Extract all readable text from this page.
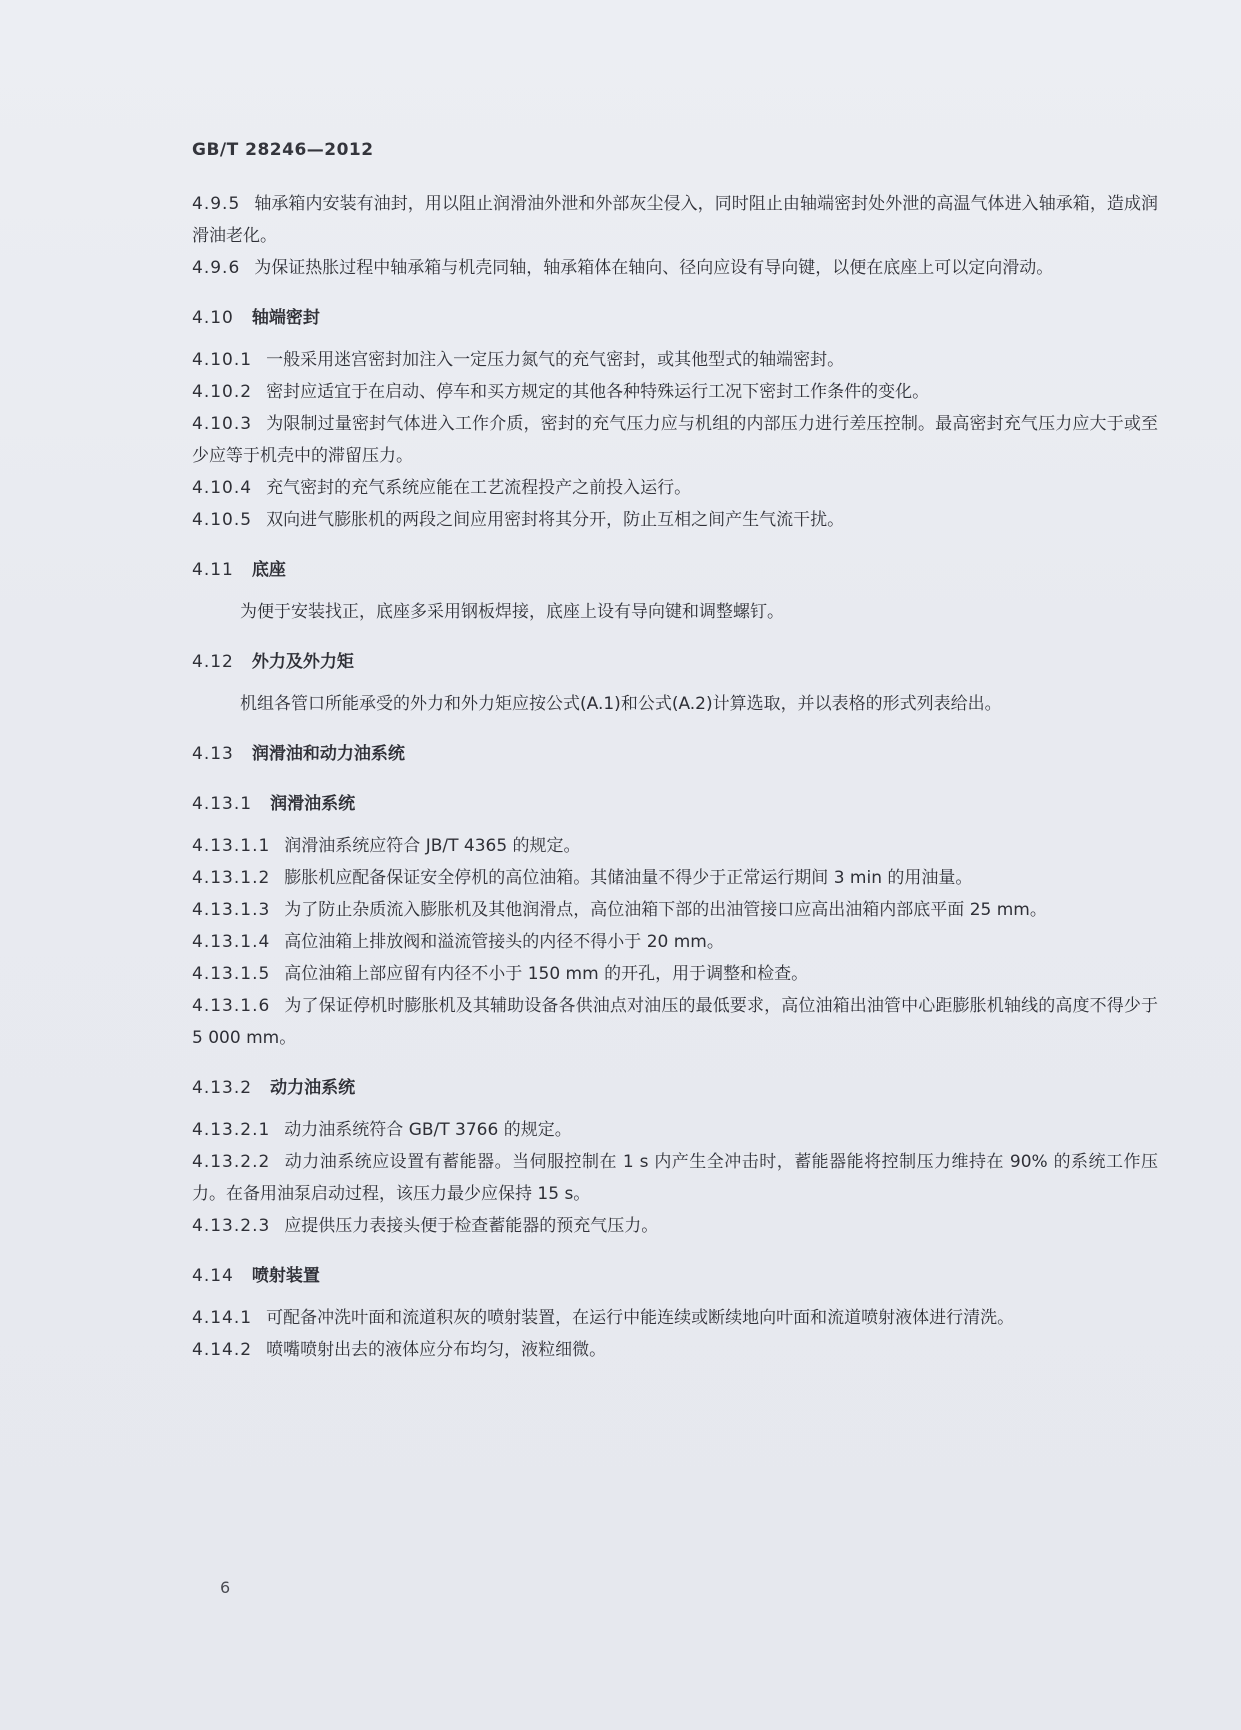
GB/T 28246—2012

4.9.5 轴承箱内安装有油封，用以阻止润滑油外泄和外部灰尘侵入，同时阻止由轴端密封处外泄的高温气体进入轴承箱，造成润滑油老化。

4.9.6 为保证热胀过程中轴承箱与机壳同轴，轴承箱体在轴向、径向应设有导向键，以便在底座上可以定向滑动。

4.10 轴端密封

4.10.1 一般采用迷宫密封加注入一定压力氮气的充气密封，或其他型式的轴端密封。

4.10.2 密封应适宜于在启动、停车和买方规定的其他各种特殊运行工况下密封工作条件的变化。

4.10.3 为限制过量密封气体进入工作介质，密封的充气压力应与机组的内部压力进行差压控制。最高密封充气压力应大于或至少应等于机壳中的滞留压力。

4.10.4 充气密封的充气系统应能在工艺流程投产之前投入运行。

4.10.5 双向进气膨胀机的两段之间应用密封将其分开，防止互相之间产生气流干扰。

4.11 底座

为便于安装找正，底座多采用钢板焊接，底座上设有导向键和调整螺钉。

4.12 外力及外力矩

机组各管口所能承受的外力和外力矩应按公式(A.1)和公式(A.2)计算选取，并以表格的形式列表给出。

4.13 润滑油和动力油系统

4.13.1 润滑油系统

4.13.1.1 润滑油系统应符合 JB/T 4365 的规定。

4.13.1.2 膨胀机应配备保证安全停机的高位油箱。其储油量不得少于正常运行期间 3 min 的用油量。

4.13.1.3 为了防止杂质流入膨胀机及其他润滑点，高位油箱下部的出油管接口应高出油箱内部底平面 25 mm。

4.13.1.4 高位油箱上排放阀和溢流管接头的内径不得小于 20 mm。

4.13.1.5 高位油箱上部应留有内径不小于 150 mm 的开孔，用于调整和检查。

4.13.1.6 为了保证停机时膨胀机及其辅助设备各供油点对油压的最低要求，高位油箱出油管中心距膨胀机轴线的高度不得少于 5 000 mm。

4.13.2 动力油系统

4.13.2.1 动力油系统符合 GB/T 3766 的规定。

4.13.2.2 动力油系统应设置有蓄能器。当伺服控制在 1 s 内产生全冲击时，蓄能器能将控制压力维持在 90% 的系统工作压力。在备用油泵启动过程，该压力最少应保持 15 s。

4.13.2.3 应提供压力表接头便于检查蓄能器的预充气压力。

4.14 喷射装置

4.14.1 可配备冲洗叶面和流道积灰的喷射装置，在运行中能连续或断续地向叶面和流道喷射液体进行清洗。

4.14.2 喷嘴喷射出去的液体应分布均匀，液粒细微。

6
